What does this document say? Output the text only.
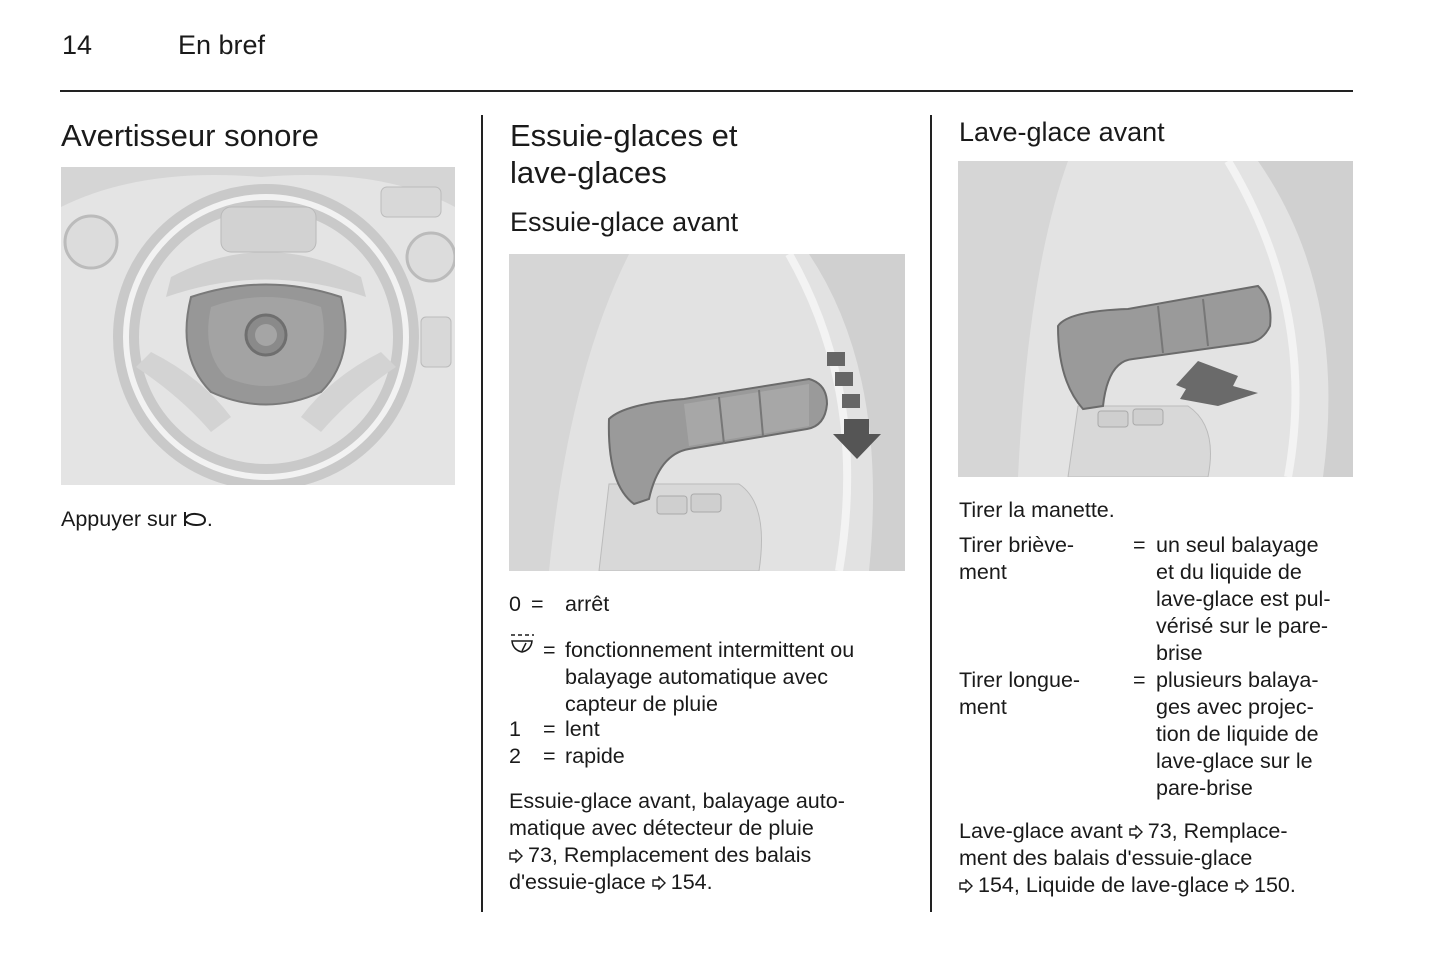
14	En bref
Avertisseur sonore
Appuyer sur .
Essuie-glaces et
lave-glaces
Essuie-glace avant
0 = arrêt
= fonctionnement intermittent ou
balayage automatique avec
capteur de pluie
1 = lent
2 = rapide
Essuie-glace avant, balayage auto-
matique avec détecteur de pluie
73, Remplacement des balais
d'essuie-glace 154.
Lave-glace avant
Tirer la manette.
Tirer brièvе-
ment
= un seul balayage
et du liquide de
lave-glace est pul-
vérisé sur le pare-
brise
Tirer longue-
ment
= plusieurs balaya-
ges avec projec-
tion de liquide de
lave-glace sur le
pare-brise
Lave-glace avant 73, Remplace-
ment des balais d'essuie-glace
154, Liquide de lave-glace 150.
